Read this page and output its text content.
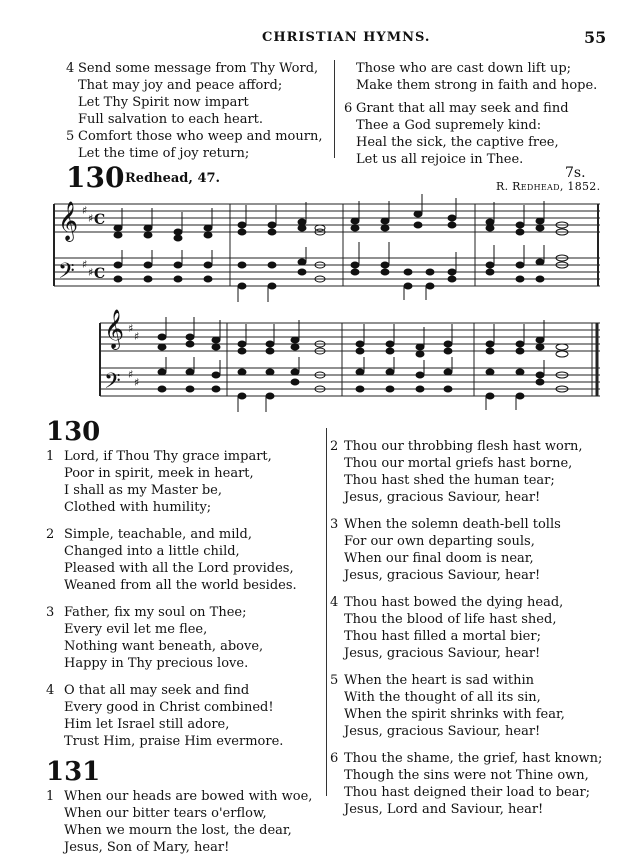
CHRISTIAN HYMNS.	55
4 Send some message from Thy Word,
That may joy and peace afford;
Let Thy Spirit now impart
Full salvation to each heart.
5 Comfort those who weep and mourn,
Let the time of joy return;
Those who are cast down lift up;
Make them strong in faith and hope.
6 Grant that all may seek and find
Thee a God supremely kind:
Heal the sick, the captive free,
Let us all rejoice in Thee.
130 Redhead, 47.	7s.
R. Redhead, 1852.
𝄞
𝄢
♯
♯
♯
♯
C
C
𝄞
𝄢
♯
♯
♯
♯
130
1 Lord, if Thou Thy grace impart,
Poor in spirit, meek in heart,
I shall as my Master be,
Clothed with humility;
2 Simple, teachable, and mild,
Changed into a little child,
Pleased with all the Lord provides,
Weaned from all the world besides.
3 Father, fix my soul on Thee;
Every evil let me flee,
Nothing want beneath, above,
Happy in Thy precious love.
4 O that all may seek and find
Every good in Christ combined!
Him let Israel still adore,
Trust Him, praise Him evermore.
131
1 When our heads are bowed with woe,
When our bitter tears o'erflow,
When we mourn the lost, the dear,
Jesus, Son of Mary, hear!
2 Thou our throbbing flesh hast worn,
Thou our mortal griefs hast borne,
Thou hast shed the human tear;
Jesus, gracious Saviour, hear!
3 When the solemn death-bell tolls
For our own departing souls,
When our final doom is near,
Jesus, gracious Saviour, hear!
4 Thou hast bowed the dying head,
Thou the blood of life hast shed,
Thou hast filled a mortal bier;
Jesus, gracious Saviour, hear!
5 When the heart is sad within
With the thought of all its sin,
When the spirit shrinks with fear,
Jesus, gracious Saviour, hear!
6 Thou the shame, the grief, hast known;
Though the sins were not Thine own,
Thou hast deigned their load to bear;
Jesus, Lord and Saviour, hear!
